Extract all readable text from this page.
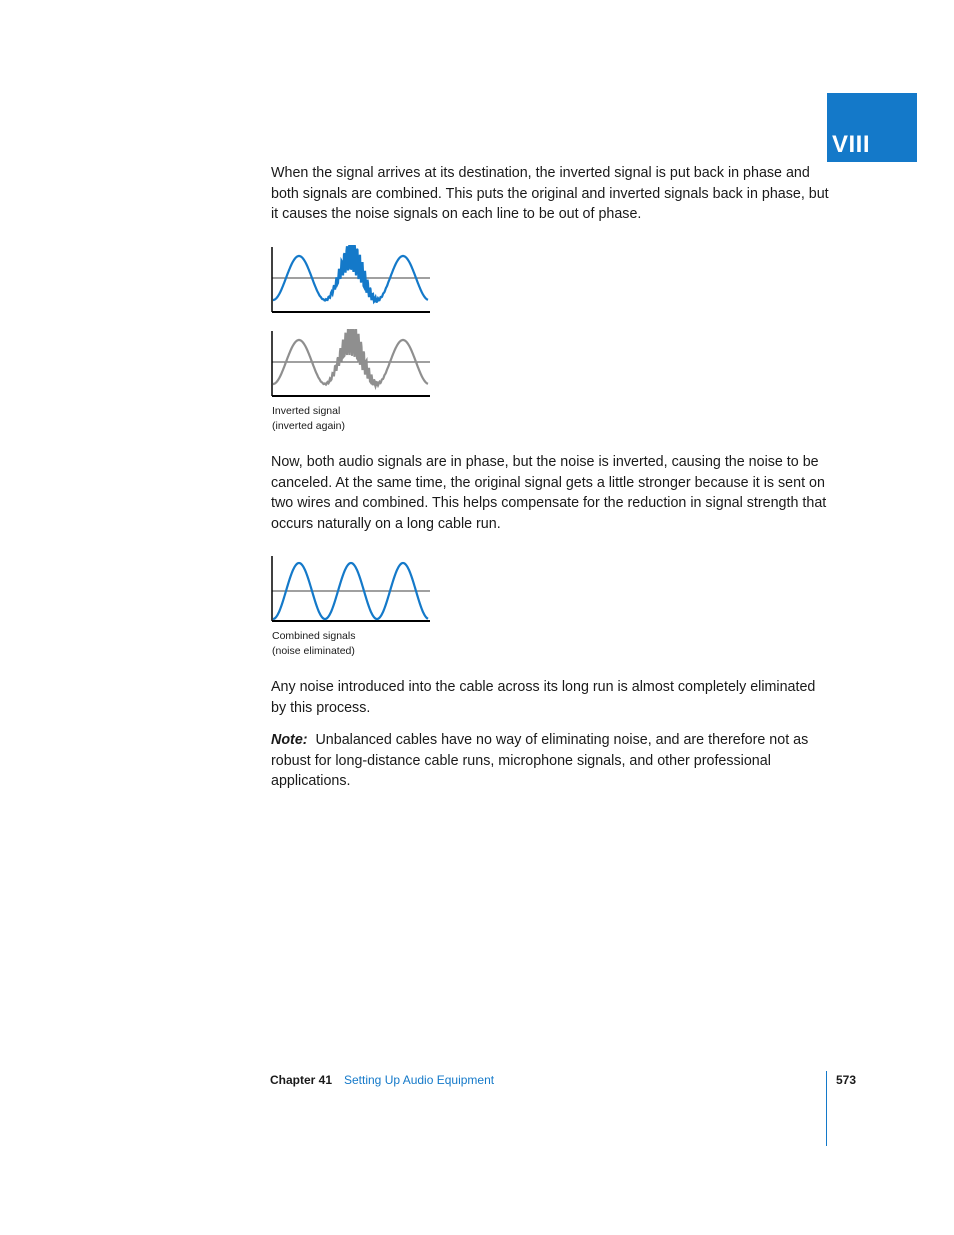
VIII

When the signal arrives at its destination, the inverted signal is put back in phase and both signals are combined. This puts the original and inverted signals back in phase, but it causes the noise signals on each line to be out of phase.

Inverted signal
(inverted again)

Now, both audio signals are in phase, but the noise is inverted, causing the noise to be canceled. At the same time, the original signal gets a little stronger because it is sent on two wires and combined. This helps compensate for the reduction in signal strength that occurs naturally on a long cable run.

Combined signals
(noise eliminated)

Any noise introduced into the cable across its long run is almost completely eliminated by this process.

Note: Unbalanced cables have no way of eliminating noise, and are therefore not as robust for long-distance cable runs, microphone signals, and other professional applications.

Chapter 41 Setting Up Audio Equipment	573
